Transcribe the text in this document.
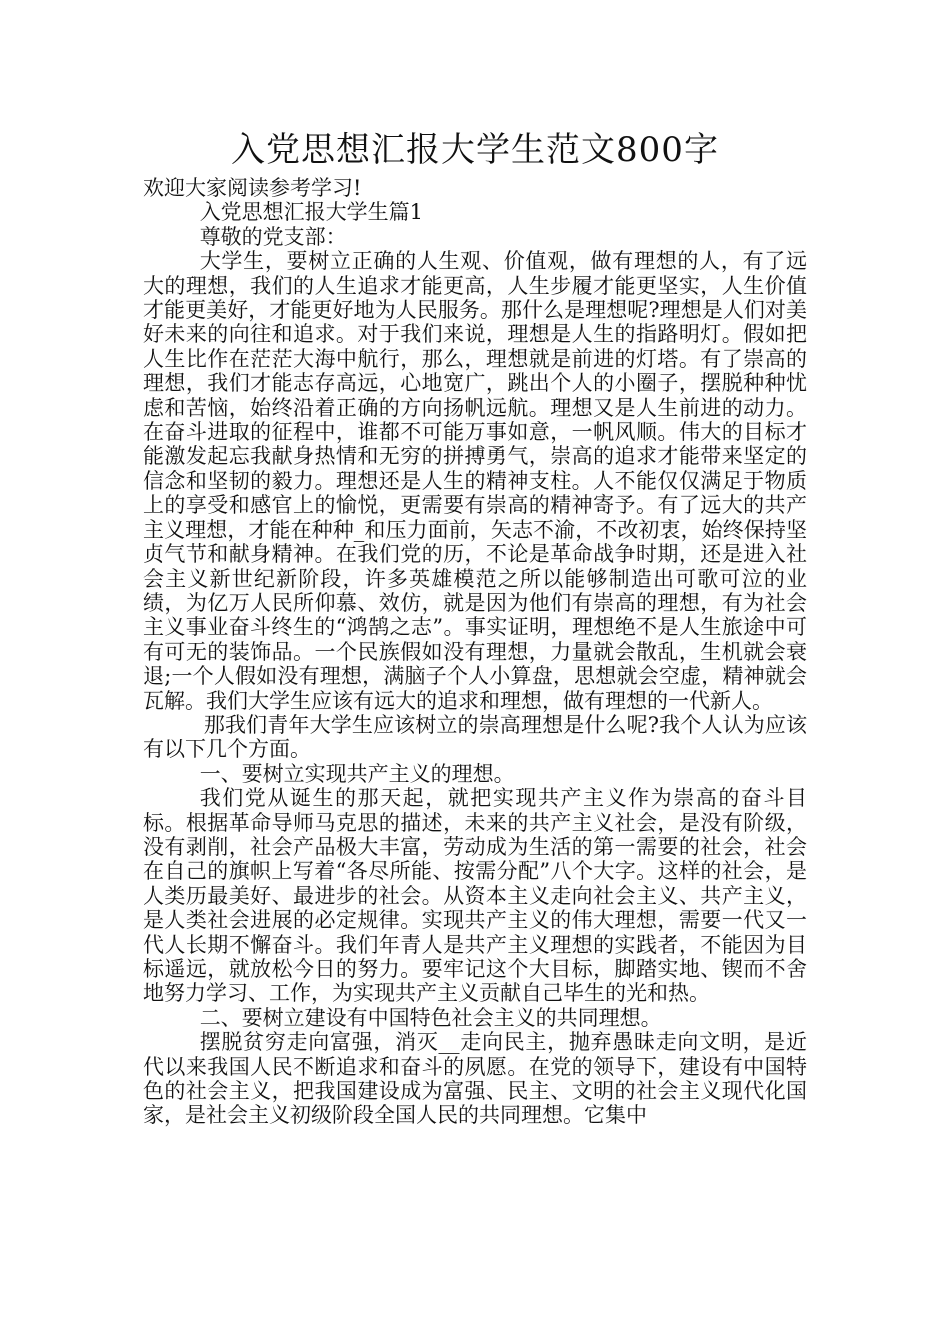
入党思想汇报大学生范文800字

欢迎大家阅读参考学习!

入党思想汇报大学生篇1

尊敬的党支部：

大学生，要树立正确的人生观、价值观，做有理想的人，有了远大的理想，我们的人生追求才能更高，人生步履才能更坚实，人生价值才能更美好，才能更好地为人民服务。那什么是理想呢?理想是人们对美好未来的向往和追求。对于我们来说，理想是人生的指路明灯。假如把人生比作在茫茫大海中航行，那么，理想就是前进的灯塔。有了崇高的理想，我们才能志存高远，心地宽广，跳出个人的小圈子，摆脱种种忧虑和苦恼，始终沿着正确的方向扬帆远航。理想又是人生前进的动力。在奋斗进取的征程中，谁都不可能万事如意，一帆风顺。伟大的目标才能激发起忘我献身热情和无穷的拼搏勇气，崇高的追求才能带来坚定的信念和坚韧的毅力。理想还是人生的精神支柱。人不能仅仅满足于物质上的享受和感官上的愉悦，更需要有崇高的精神寄予。有了远大的共产主义理想，才能在种种_和压力面前，矢志不渝，不改初衷，始终保持坚贞气节和献身精神。在我们党的历，不论是革命战争时期，还是进入社会主义新世纪新阶段，许多英雄模范之所以能够制造出可歌可泣的业绩，为亿万人民所仰慕、效仿，就是因为他们有崇高的理想，有为社会主义事业奋斗终生的“鸿鹄之志”。事实证明，理想绝不是人生旅途中可有可无的装饰品。一个民族假如没有理想，力量就会散乱，生机就会衰退;一个人假如没有理想，满脑子个人小算盘，思想就会空虚，精神就会瓦解。我们大学生应该有远大的追求和理想，做有理想的一代新人。

那我们青年大学生应该树立的崇高理想是什么呢?我个人认为应该有以下几个方面。

一、要树立实现共产主义的理想。

我们党从诞生的那天起，就把实现共产主义作为崇高的奋斗目标。根据革命导师马克思的描述，未来的共产主义社会，是没有阶级，没有剥削，社会产品极大丰富，劳动成为生活的第一需要的社会，社会在自己的旗帜上写着“各尽所能、按需分配”八个大字。这样的社会，是人类历最美好、最进步的社会。从资本主义走向社会主义、共产主义，是人类社会进展的必定规律。实现共产主义的伟大理想，需要一代又一代人长期不懈奋斗。我们年青人是共产主义理想的实践者，不能因为目标遥远，就放松今日的努力。要牢记这个大目标，脚踏实地、锲而不舍地努力学习、工作，为实现共产主义贡献自己毕生的光和热。

二、要树立建设有中国特色社会主义的共同理想。

摆脱贫穷走向富强，消灭__走向民主，抛弃愚昧走向文明，是近代以来我国人民不断追求和奋斗的夙愿。在党的领导下，建设有中国特色的社会主义，把我国建设成为富强、民主、文明的社会主义现代化国家，是社会主义初级阶段全国人民的共同理想。它集中
